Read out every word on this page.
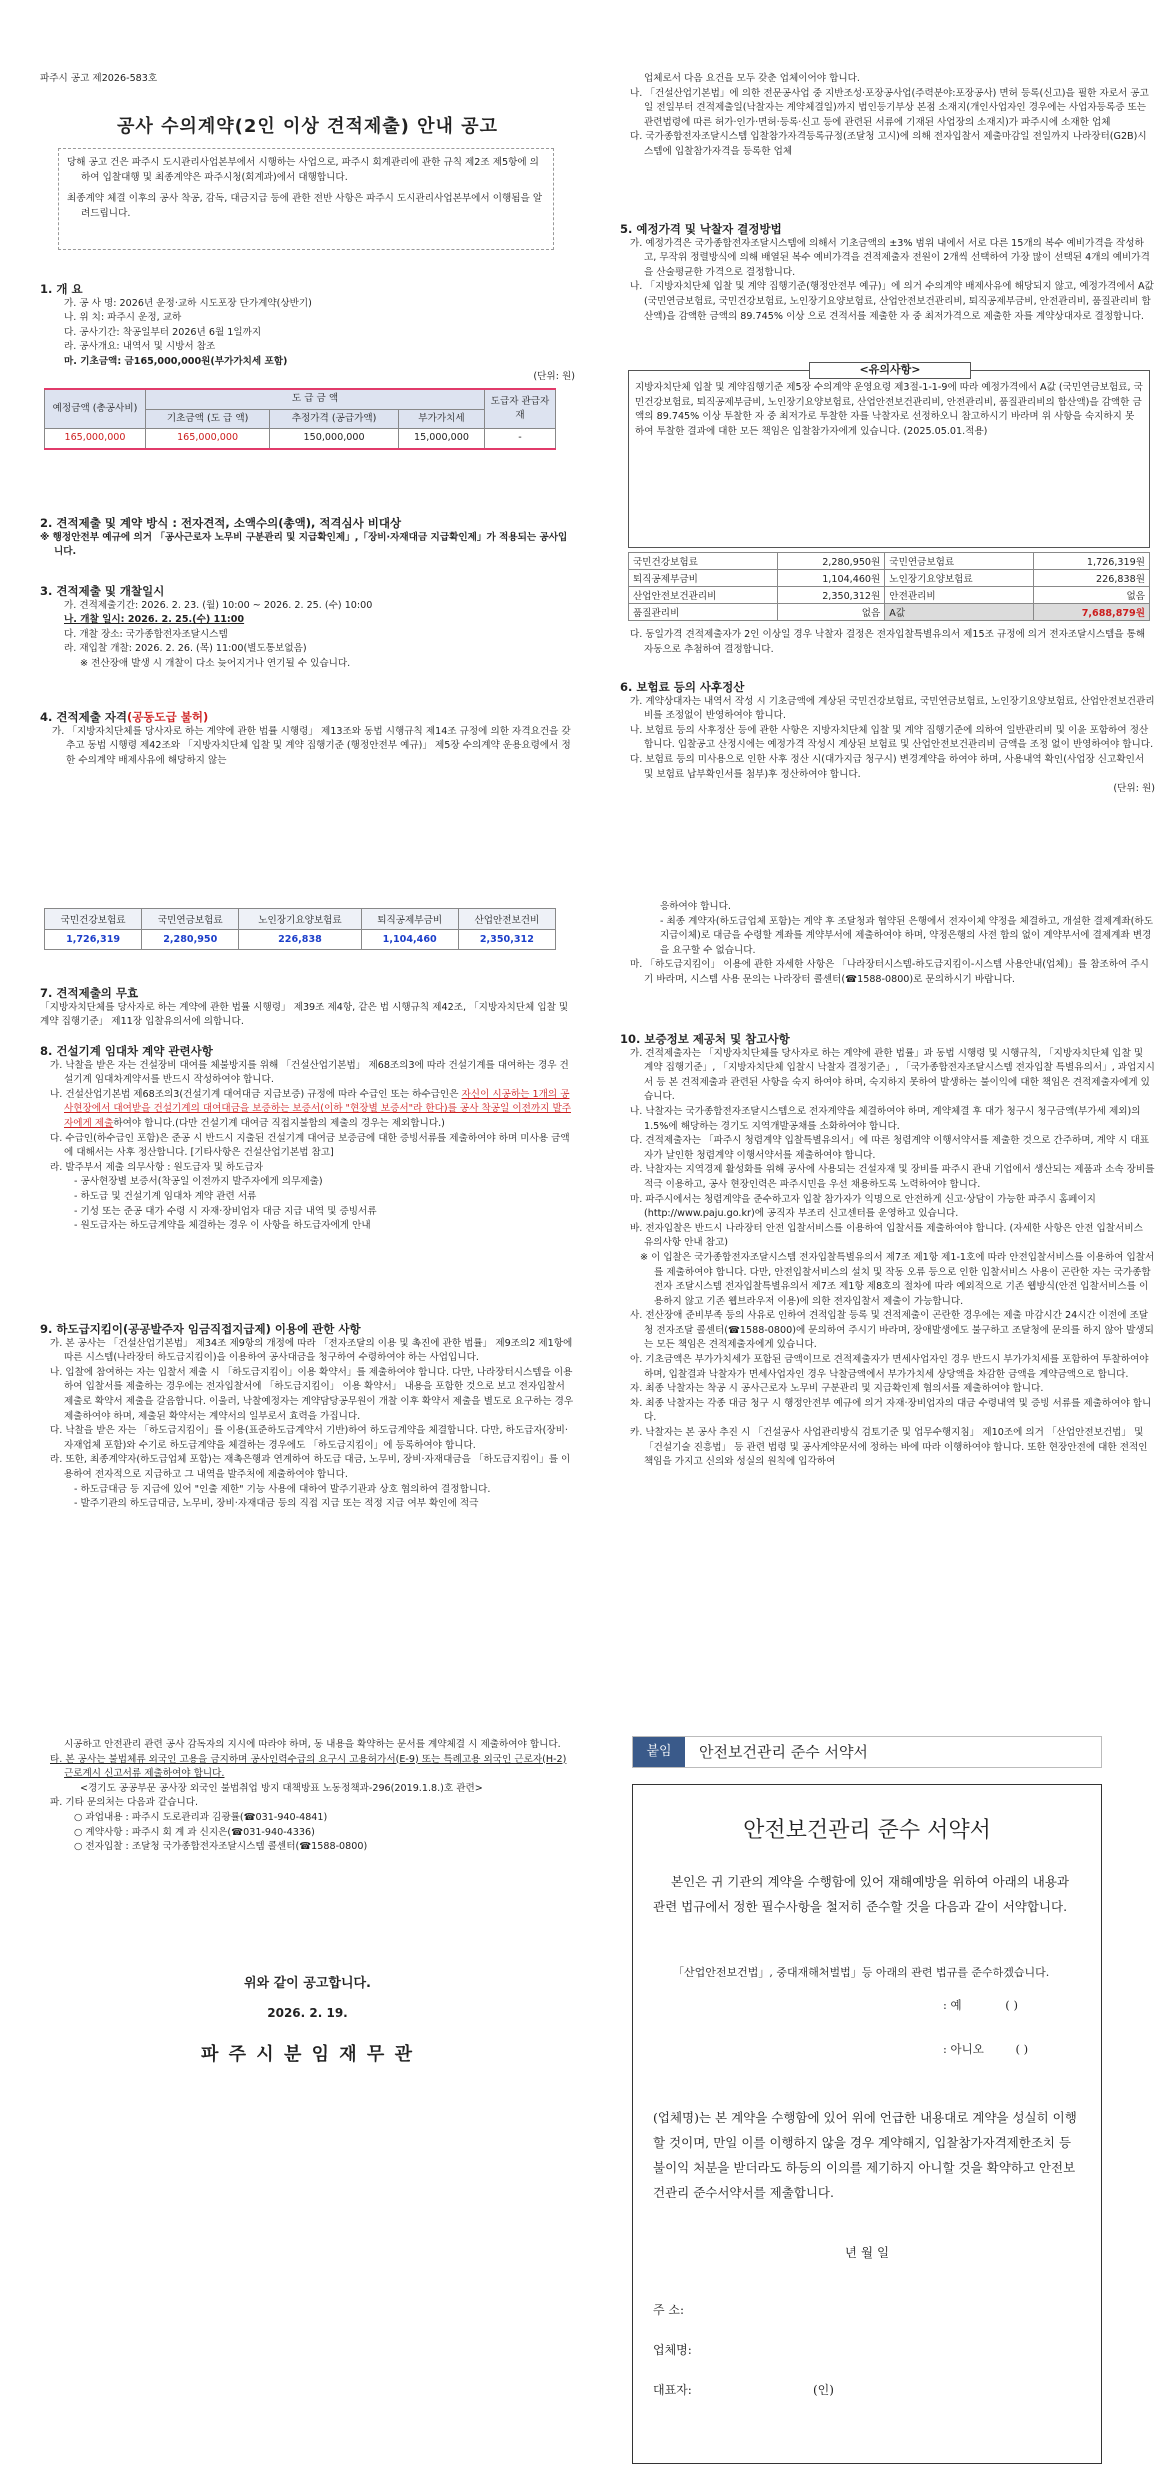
파주시 공고 제2026-583호
공사 수의계약(2인 이상 견적제출) 안내 공고

당해 공고 건은 파주시 도시관리사업본부에서 시행하는 사업으로, 파주시 회계관리에 관한 규칙 제2조 제5항에 의하여 입찰대행 및 최종계약은 파주시청(회계과)에서 대행합니다.

최종계약 체결 이후의 공사 착공, 감독, 대금지급 등에 관한 전반 사항은 파주시 도시관리사업본부에서 이행됨을 알려드립니다.

1. 개 요

가. 공 사 명: 2026년 운정·교하 시도포장 단가계약(상반기)

나. 위 치: 파주시 운정, 교하

다. 공사기간: 착공일부터 2026년 6월 1일까지

라. 공사개요: 내역서 및 시방서 참조

마. 기초금액: 금165,000,000원(부가가치세 포함)

(단위: 원)

예정금액 (총공사비)	도 급 금 액			도급자 관급자재
	기초금액 (도 급 액)	추정가격 (공급가액)	부가가치세	
165,000,000	165,000,000	150,000,000	15,000,000	-

2. 견적제출 및 계약 방식 : 전자견적, 소액수의(총액), 적격심사 비대상

※ 행정안전부 예규에 의거 「공사근로자 노무비 구분관리 및 지급확인제」,「장비·자재대금 지급확인제」가 적용되는 공사입니다.

3. 견적제출 및 개찰일시

가. 견적제출기간: 2026. 2. 23. (월) 10:00 ~ 2026. 2. 25. (수) 10:00

나. 개찰 일시: 2026. 2. 25.(수) 11:00

다. 개찰 장소: 국가종합전자조달시스템

라. 재입찰 개찰: 2026. 2. 26. (목) 11:00(별도통보없음)

※ 전산장애 발생 시 개찰이 다소 늦어지거나 연기될 수 있습니다.

4. 견적제출 자격(공동도급 불허)

가. 「지방자치단체를 당사자로 하는 계약에 관한 법률 시행령」 제13조와 동법 시행규칙 제14조 규정에 의한 자격요건을 갖추고 동법 시행령 제42조와 「지방자치단체 입찰 및 계약 집행기준 (행정안전부 예규)」 제5장 수의계약 운용요령에서 정한 수의계약 배제사유에 해당하지 않는

업체로서 다음 요건을 모두 갖춘 업체이어야 합니다.

나. 「건설산업기본법」에 의한 전문공사업 중 지반조성·포장공사업(주력분야:포장공사) 면허 등록(신고)을 필한 자로서 공고일 전일부터 견적제출일(낙찰자는 계약체결일)까지 법인등기부상 본점 소재지(개인사업자인 경우에는 사업자등록증 또는 관련법령에 따른 허가·인가·면허·등록·신고 등에 관련된 서류에 기재된 사업장의 소재지)가 파주시에 소재한 업체

다. 국가종합전자조달시스템 입찰참가자격등록규정(조달청 고시)에 의해 전자입찰서 제출마감일 전일까지 나라장터(G2B)시스템에 입찰참가자격을 등록한 업체

5. 예정가격 및 낙찰자 결정방법

가. 예정가격은 국가종합전자조달시스템에 의해서 기초금액의 ±3% 범위 내에서 서로 다른 15개의 복수 예비가격을 작성하고, 무작위 정렬방식에 의해 배열된 복수 예비가격을 견적제출자 전원이 2개씩 선택하여 가장 많이 선택된 4개의 예비가격을 산술평균한 가격으로 결정합니다.

나. 「지방자치단체 입찰 및 계약 집행기준(행정안전부 예규)」에 의거 수의계약 배제사유에 해당되지 않고, 예정가격에서 A값(국민연금보험료, 국민건강보험료, 노인장기요양보험료, 산업안전보건관리비, 퇴직공제부금비, 안전관리비, 품질관리비 합산액)을 감액한 금액의 89.745% 이상 으로 견적서를 제출한 자 중 최저가격으로 제출한 자를 계약상대자로 결정합니다.

<유의사항>

지방자치단체 입찰 및 계약집행기준 제5장 수의계약 운영요령 제3절-1-1-9에 따라 예정가격에서 A값 (국민연금보험료, 국민건강보험료, 퇴직공제부금비, 노인장기요양보험료, 산업안전보건관리비, 안전관리비, 품질관리비의 합산액)을 감액한 금액의 89.745% 이상 투찰한 자 중 최저가로 투찰한 자를 낙찰자로 선정하오니 참고하시기 바라며 위 사항을 숙지하지 못하여 투찰한 결과에 대한 모든 책임은 입찰참가자에게 있습니다. (2025.05.01.적용)

국민건강보험료	2,280,950원	국민연금보험료	1,726,319원
퇴직공제부금비	1,104,460원	노인장기요양보험료	226,838원
산업안전보건관리비	2,350,312원	안전관리비	없음
품질관리비	없음	A값	7,688,879원

다. 동일가격 견적제출자가 2인 이상일 경우 낙찰자 결정은 전자입찰특별유의서 제15조 규정에 의거 전자조달시스템을 통해 자동으로 추첨하여 결정합니다.

6. 보험료 등의 사후정산

가. 계약상대자는 내역서 작성 시 기초금액에 계상된 국민건강보험료, 국민연금보험료, 노인장기요양보험료, 산업안전보건관리비를 조정없이 반영하여야 합니다.

나. 보험료 등의 사후정산 등에 관한 사항은 지방자치단체 입찰 및 계약 집행기준에 의하여 일반관리비 및 이윤 포함하여 정산합니다. 입찰공고 산정시에는 예정가격 작성시 계상된 보험료 및 산업안전보건관리비 금액을 조정 없이 반영하여야 합니다.

다. 보험료 등의 미사용으로 인한 사후 정산 시(대가지급 청구시) 변경계약을 하여야 하며, 사용내역 확인(사업장 신고확인서 및 보험료 납부확인서를 첨부)후 정산하여야 합니다.

(단위: 원)

국민건강보험료	국민연금보험료	노인장기요양보험료	퇴직공제부금비	산업안전보건비
1,726,319	2,280,950	226,838	1,104,460	2,350,312

7. 견적제출의 무효

「지방자치단체를 당사자로 하는 계약에 관한 법률 시행령」 제39조 제4항, 같은 법 시행규칙 제42조, 「지방자치단체 입찰 및 계약 집행기준」 제11장 입찰유의서에 의합니다.

8. 건설기계 임대차 계약 관련사항

가. 낙찰을 받은 자는 건설장비 대여를 체불방지를 위해 「건설산업기본법」 제68조의3에 따라 건설기계를 대여하는 경우 건설기계 임대차계약서를 반드시 작성하여야 합니다.

나. 건설산업기본법 제68조의3(건설기계 대여대금 지급보증) 규정에 따라 수급인 또는 하수급인은 자신이 시공하는 1개의 공사현장에서 대여받을 건설기계의 대여대금을 보증하는 보증서(이하 "현장별 보증서"라 한다)를 공사 착공일 이전까지 발주자에게 제출하여야 합니다.(다만 건설기계 대여금 직접지불합의 제출의 경우는 제외합니다.)

다. 수급인(하수급인 포함)은 준공 시 반드시 지출된 건설기계 대여금 보증금에 대한 증빙서류를 제출하여야 하며 미사용 금액에 대해서는 사후 정산합니다. [기타사항은 건설산업기본법 참고]

라. 발주부서 제출 의무사항 : 원도급자 및 하도급자

- 공사현장별 보증서(착공일 이전까지 발주자에게 의무제출)

- 하도급 및 건설기계 임대차 계약 관련 서류

- 기성 또는 준공 대가 수령 시 자재·장비업자 대금 지급 내역 및 증빙서류

- 원도급자는 하도급계약을 체결하는 경우 이 사항을 하도급자에게 안내

9. 하도급지킴이(공공발주자 임금직접지급제) 이용에 관한 사항

가. 본 공사는 「건설산업기본법」 제34조 제9항의 개정에 따라 「전자조달의 이용 및 촉진에 관한 법률」 제9조의2 제1항에 따른 시스템(나라장터 하도급지킴이)을 이용하여 공사대금을 청구하여 수령하여야 하는 사업입니다.

나. 입찰에 참여하는 자는 입찰서 제출 시 「하도급지킴이」이용 확약서」를 제출하여야 합니다. 다만, 나라장터시스템을 이용하여 입찰서를 제출하는 경우에는 전자입찰서에 「하도급지킴이」 이용 확약서」 내용을 포함한 것으로 보고 전자입찰서 제출로 확약서 제출을 갈음합니다. 이울러, 낙찰예정자는 계약담당공무원이 개찰 이후 확약서 제출을 별도로 요구하는 경우 제출하여야 하며, 제출된 확약서는 계약서의 일부로서 효력을 가집니다.

다. 낙찰을 받은 자는 「하도급지킴이」를 이용(표준하도급계약서 기반)하여 하도급계약을 체결합니다. 다만, 하도급자(장비·자재업체 포함)와 수기로 하도급계약을 체결하는 경우에도 「하도급지킴이」에 등록하여야 합니다.

라. 또한, 최종계약자(하도급업체 포함)는 재촉은행과 연계하여 하도급 대금, 노무비, 장비·자재대금을 「하도급지킴이」를 이용하여 전자적으로 지급하고 그 내역을 발주처에 제출하여야 합니다.

- 하도급대금 등 지급에 있어 "인출 제한" 기능 사용에 대하여 발주기관과 상호 협의하여 결정합니다.

- 발주기관의 하도급대금, 노무비, 장비·자재대금 등의 직접 지급 또는 적정 지급 여부 확인에 적극

응하여야 합니다.

- 최종 계약자(하도급업체 포함)는 계약 후 조달청과 협약된 은행에서 전자이체 약정을 체결하고, 개설한 결제계좌(하도지급이체)로 대금을 수령할 계좌를 계약부서에 제출하여야 하며, 약정은행의 사전 합의 없이 계약부서에 결제계좌 변경을 요구할 수 없습니다.

마. 「하도급지킴이」 이용에 관한 자세한 사항은 「나라장터시스템-하도급지킴이-시스템 사용안내(업체)」를 참조하여 주시기 바라며, 시스템 사용 문의는 나라장터 콜센터(☎1588-0800)로 문의하시기 바랍니다.

10. 보증정보 제공처 및 참고사항

가. 견적제출자는 「지방자치단체를 당사자로 하는 계약에 관한 법률」과 동법 시행령 및 시행규칙, 「지방자치단체 입찰 및 계약 집행기준」, 「지방자치단체 입찰시 낙찰자 결정기준」, 「국가종합전자조달시스템 전자입찰 특별유의서」, 과업지시서 등 본 견적제출과 관련된 사항을 숙지 하여야 하며, 숙지하지 못하여 발생하는 불이익에 대한 책임은 견적제출자에게 있습니다.

나. 낙찰자는 국가종합전자조달시스템으로 전자계약을 체결하여야 하며, 계약체결 후 대가 청구시 청구금액(부가세 제외)의 1.5%에 해당하는 경기도 지역개발공채를 소화하여야 합니다.

다. 견적제출자는 「파주시 청렴계약 입찰특별유의서」에 따른 청렴계약 이행서약서를 제출한 것으로 간주하며, 계약 시 대표자가 날인한 청렴계약 이행서약서를 제출하여야 합니다.

라. 낙찰자는 지역경제 활성화를 위해 공사에 사용되는 건설자재 및 장비를 파주시 관내 기업에서 생산되는 제품과 소속 장비를 적극 이용하고, 공사 현장인력은 파주시민을 우선 채용하도록 노력하여야 합니다.

마. 파주시에서는 청렴계약을 준수하고자 입찰 참가자가 익명으로 안전하게 신고·상담이 가능한 파주시 홈페이지(http://www.paju.go.kr)에 공직자 부조리 신고센터를 운영하고 있습니다.

바. 전자입찰은 반드시 나라장터 안전 입찰서비스를 이용하여 입찰서를 제출하여야 합니다. (자세한 사항은 안전 입찰서비스 유의사항 안내 참고)

※ 이 입찰은 국가종합전자조달시스템 전자입찰특별유의서 제7조 제1항 제1-1호에 따라 안전입찰서비스를 이용하여 입찰서를 제출하여야 합니다. 다만, 안전입찰서비스의 설치 및 작동 오류 등으로 인한 입찰서비스 사용이 곤란한 자는 국가종합전자 조달시스템 전자입찰특별유의서 제7조 제1항 제8호의 절차에 따라 예외적으로 기존 웹방식(안전 입찰서비스를 이용하지 않고 기존 웹브라우저 이용)에 의한 전자입찰서 제출이 가능합니다.

사. 전산장애 준비부족 등의 사유로 인하여 견적입찰 등록 및 견적제출이 곤란한 경우에는 제출 마감시간 24시간 이전에 조달청 전자조달 콜센터(☎1588-0800)에 문의하여 주시기 바라며, 장애발생에도 불구하고 조달청에 문의를 하지 않아 발생되는 모든 책임은 견적제출자에게 있습니다.

아. 기초금액은 부가가치세가 포함된 금액이므로 견적제출자가 면세사업자인 경우 반드시 부가가치세를 포함하여 투찰하여야 하며, 입찰결과 낙찰자가 면세사업자인 경우 낙찰금액에서 부가가치세 상당액을 차감한 금액을 계약금액으로 합니다.

자. 최종 낙찰자는 착공 시 공사근로자 노무비 구분관리 및 지급확인제 협의서를 제출하여야 합니다.

차. 최종 낙찰자는 각종 대금 청구 시 행정안전부 예규에 의거 자재·장비업자의 대금 수령내역 및 증빙 서류를 제출하여야 합니다.

카. 낙찰자는 본 공사 추진 시 「건설공사 사업관리방식 검토기준 및 업무수행지침」 제10조에 의거 「산업안전보건법」 및 「건설기술 진흥법」 등 관련 법령 및 공사계약문서에 정하는 바에 따라 이행하여야 합니다. 또한 현장안전에 대한 전적인 책임을 가지고 신의와 성실의 원칙에 입각하여

시공하고 안전관리 관련 공사 감독자의 지시에 따라야 하며, 동 내용을 확약하는 문서를 계약체결 시 제출하여야 합니다.

타. 본 공사는 불법체류 외국인 고용을 금지하며 공사인력수급의 요구시 고용허가서(E-9) 또는 특례고용 외국인 근로자(H-2) 근로계시 신고서류 제출하여야 합니다.

<경기도 공공부문 공사장 외국인 불법취업 방지 대책방표 노동정책과-296(2019.1.8.)호 관련>

파. 기타 문의처는 다음과 같습니다.

○ 과업내용 : 파주시 도로관리과 김광률(☎031-940-4841)

○ 계약사항 : 파주시 회 계 과 신지은(☎031-940-4336)

○ 전자입찰 : 조달청 국가종합전자조달시스템 콜센터(☎1588-0800)

위와 같이 공고합니다.
2026. 2. 19.
파 주 시 분 임 재 무 관
붙임	안전보건관리 준수 서약서
안전보건관리 준수 서약서

본인은 귀 기관의 계약을 수행함에 있어 재해예방을 위하여 아래의 내용과 관련 법규에서 정한 필수사항을 철저히 준수할 것을 다음과 같이 서약합니다.

「산업안전보건법」, 중대재해처벌법」등 아래의 관련 법규를 준수하겠습니다.

: 예	( )
: 아니오	( )

(업체명)는 본 계약을 수행함에 있어 위에 언급한 내용대로 계약을 성실히 이행할 것이며, 만일 이를 이행하지 않을 경우 계약해지, 입찰참가자격제한조치 등 불이익 처분을 받더라도 하등의 이의를 제기하지 아니할 것을 확약하고 안전보건관리 준수서약서를 제출합니다.

년 월 일
주 소:
업체명:
대표자:	(인)
